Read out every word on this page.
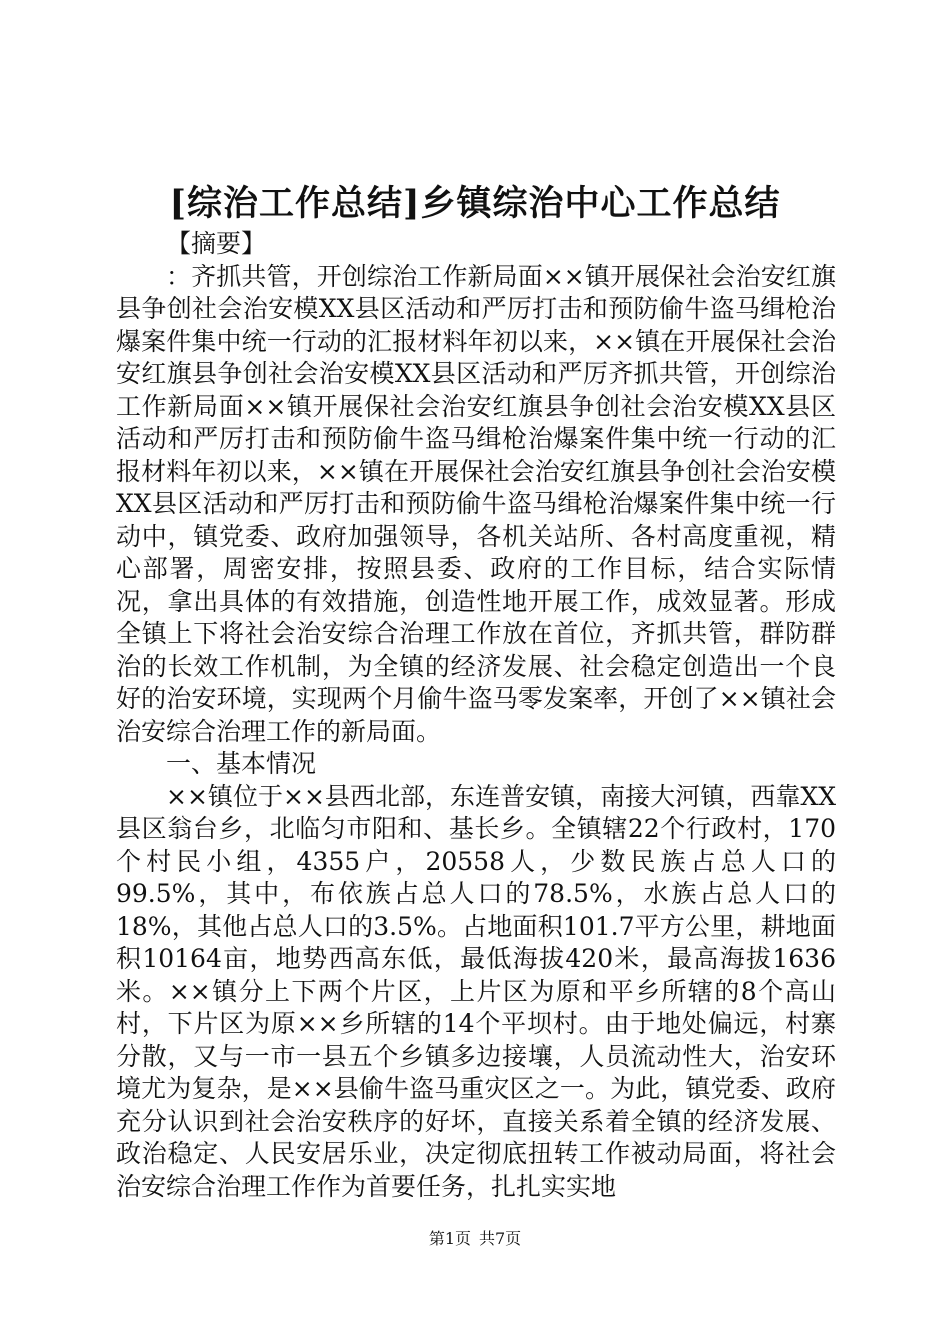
[综治工作总结]乡镇综治中心工作总结

【摘要】

：齐抓共管，开创综治工作新局面××镇开展保社会治安红旗县争创社会治安模XX县区活动和严厉打击和预防偷牛盗马缉枪治爆案件集中统一行动的汇报材料年初以来，××镇在开展保社会治安红旗县争创社会治安模XX县区活动和严厉齐抓共管，开创综治工作新局面××镇开展保社会治安红旗县争创社会治安模XX县区活动和严厉打击和预防偷牛盗马缉枪治爆案件集中统一行动的汇报材料年初以来，××镇在开展保社会治安红旗县争创社会治安模XX县区活动和严厉打击和预防偷牛盗马缉枪治爆案件集中统一行动中，镇党委、政府加强领导，各机关站所、各村高度重视，精心部署，周密安排，按照县委、政府的工作目标，结合实际情况，拿出具体的有效措施，创造性地开展工作，成效显著。形成全镇上下将社会治安综合治理工作放在首位，齐抓共管，群防群治的长效工作机制，为全镇的经济发展、社会稳定创造出一个良好的治安环境，实现两个月偷牛盗马零发案率，开创了××镇社会治安综合治理工作的新局面。

一、基本情况

××镇位于××县西北部，东连普安镇，南接大河镇，西靠XX县区翁台乡，北临匀市阳和、基长乡。全镇辖22个行政村，170个村民小组，4355户，20558人，少数民族占总人口的99.5%，其中，布依族占总人口的78.5%，水族占总人口的18%，其他占总人口的3.5%。占地面积101.7平方公里，耕地面积10164亩，地势西高东低，最低海拔420米，最高海拔1636米。××镇分上下两个片区，上片区为原和平乡所辖的8个高山村，下片区为原××乡所辖的14个平坝村。由于地处偏远，村寨分散，又与一市一县五个乡镇多边接壤，人员流动性大，治安环境尤为复杂，是××县偷牛盗马重灾区之一。为此，镇党委、政府充分认识到社会治安秩序的好坏，直接关系着全镇的经济发展、政治稳定、人民安居乐业，决定彻底扭转工作被动局面，将社会治安综合治理工作作为首要任务，扎扎实实地

第1页 共7页
